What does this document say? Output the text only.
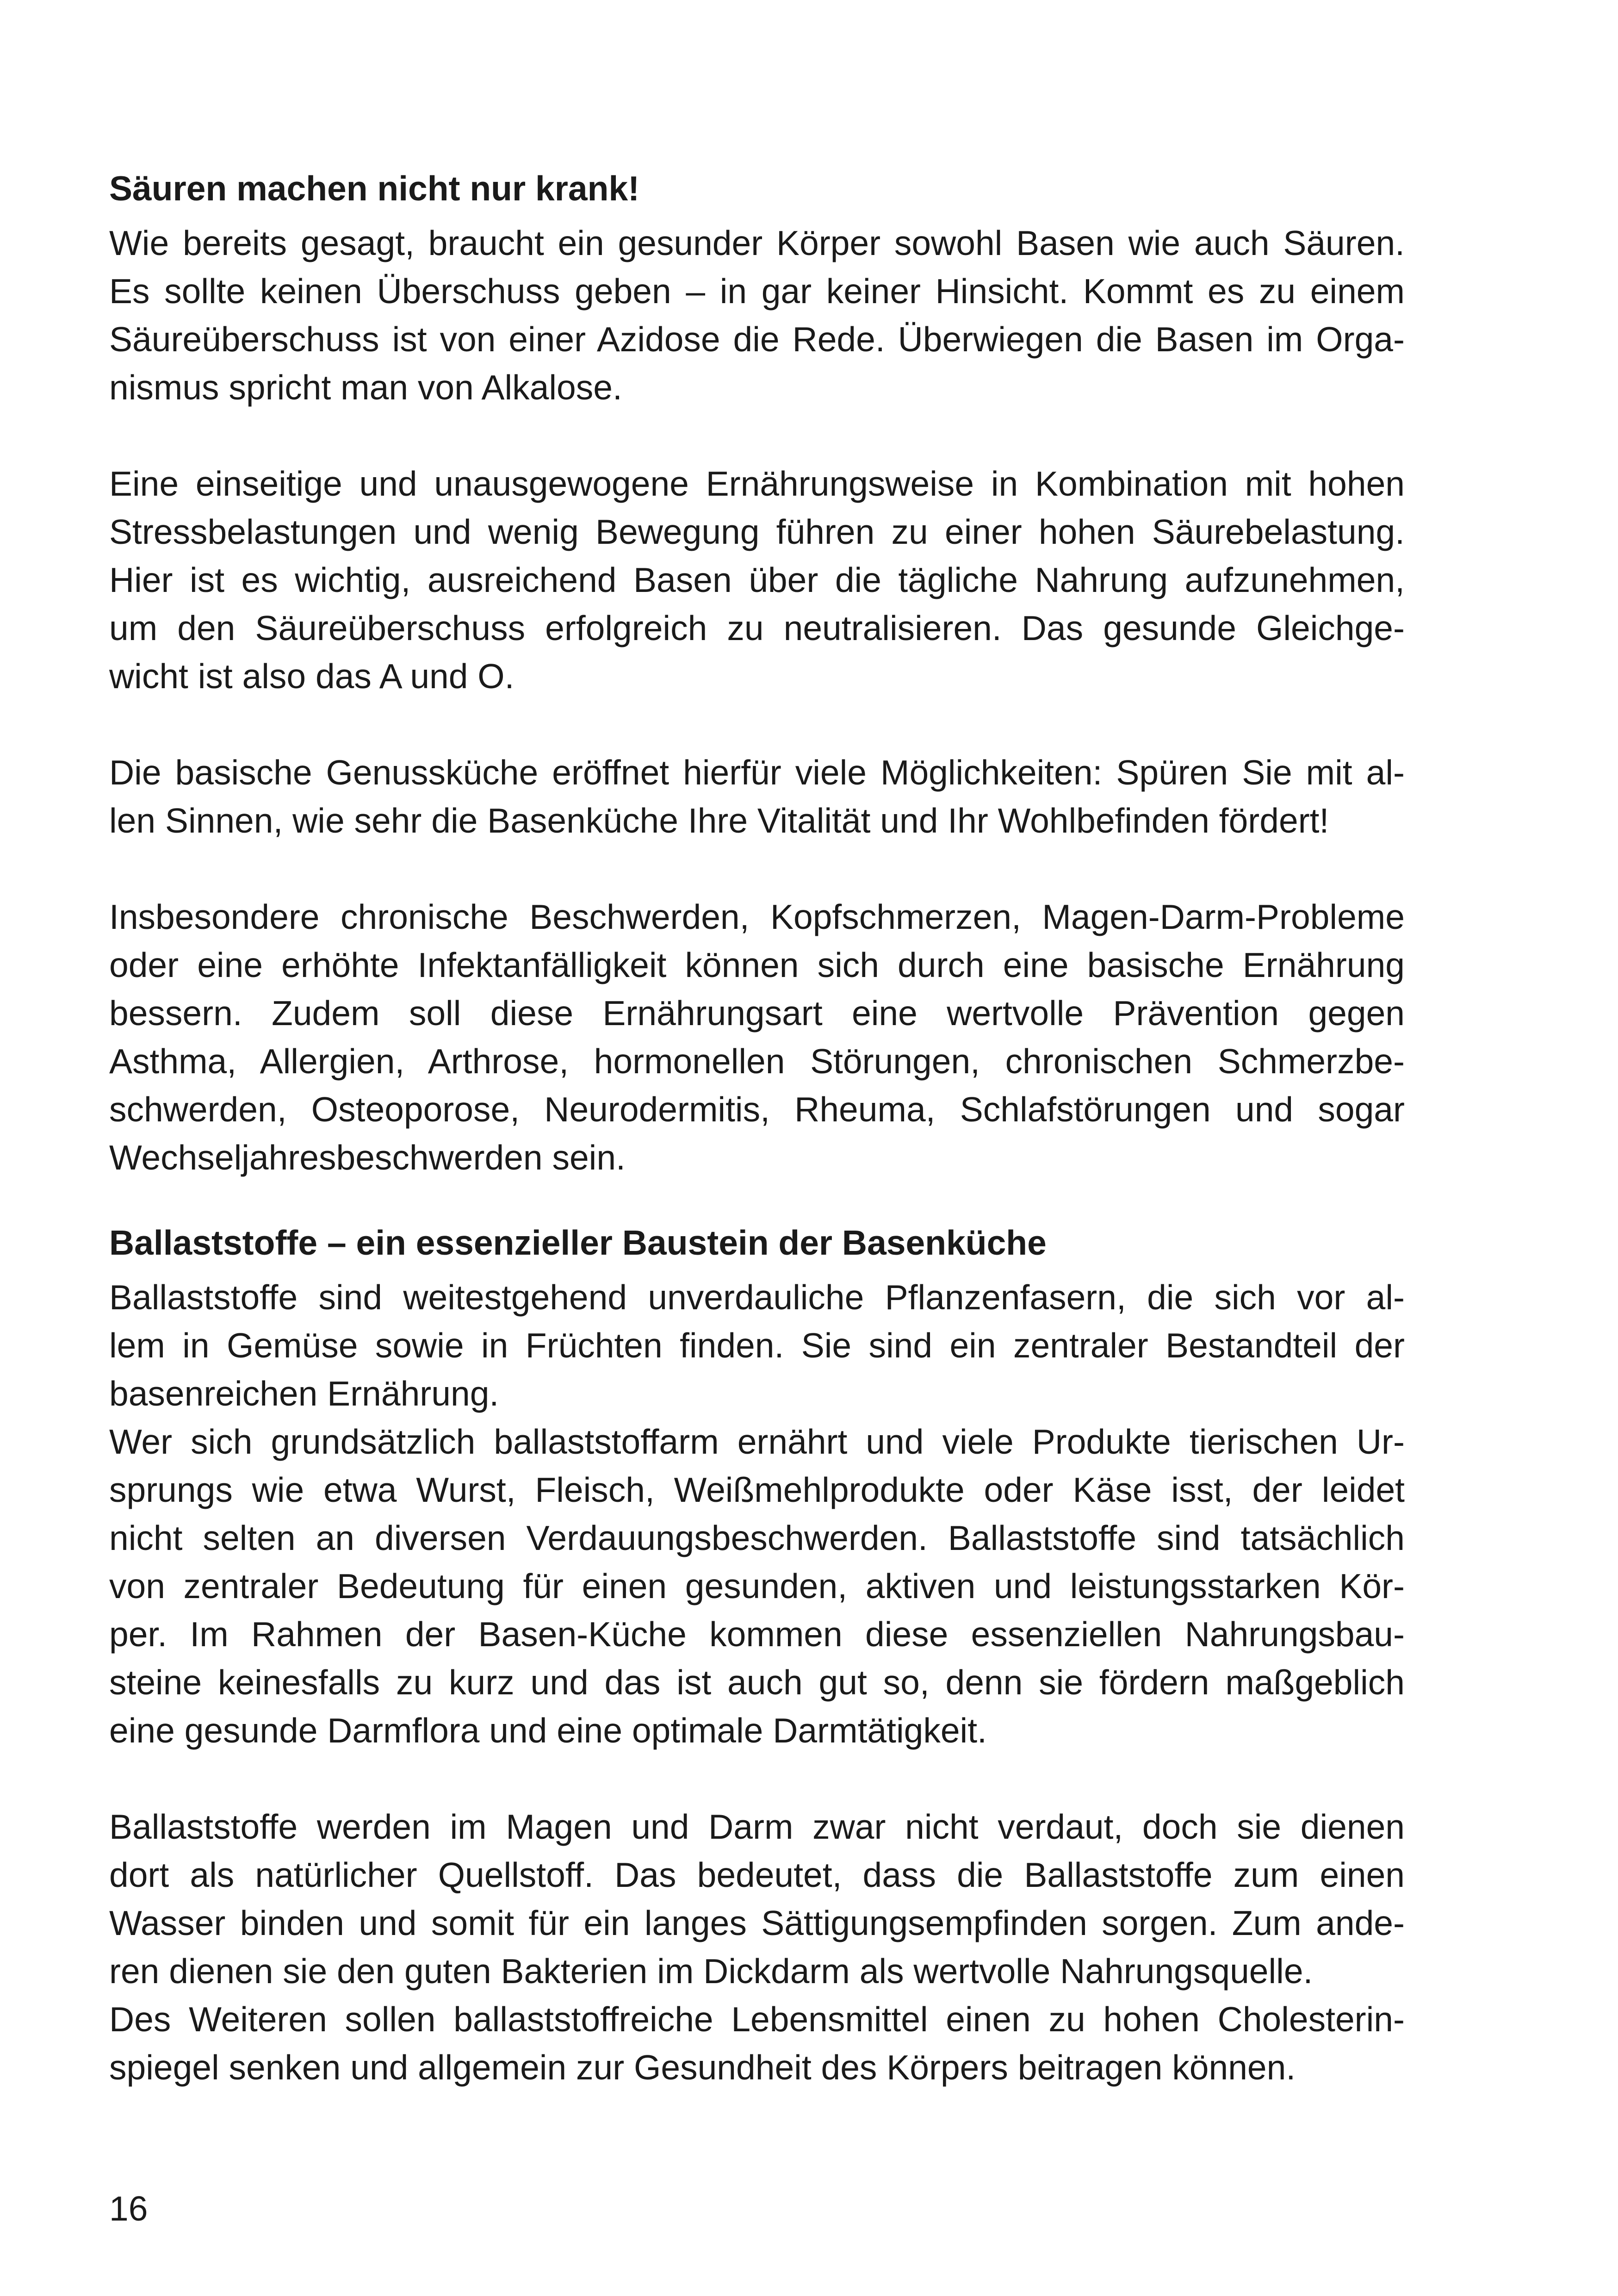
Säuren machen nicht nur krank!

Wie bereits gesagt, braucht ein gesunder Körper sowohl Basen wie auch Säuren.
Es sollte keinen Überschuss geben – in gar keiner Hinsicht. Kommt es zu einem
Säureüberschuss ist von einer Azidose die Rede. Überwiegen die Basen im Orga-
nismus spricht man von Alkalose.

Eine einseitige und unausgewogene Ernährungsweise in Kombination mit hohen
Stressbelastungen und wenig Bewegung führen zu einer hohen Säurebelastung.
Hier ist es wichtig, ausreichend Basen über die tägliche Nahrung aufzunehmen,
um den Säureüberschuss erfolgreich zu neutralisieren. Das gesunde Gleichge-
wicht ist also das A und O.

Die basische Genussküche eröffnet hierfür viele Möglichkeiten: Spüren Sie mit al-
len Sinnen, wie sehr die Basenküche Ihre Vitalität und Ihr Wohlbefinden fördert!

Insbesondere chronische Beschwerden, Kopfschmerzen, Magen-Darm-Probleme
oder eine erhöhte Infektanfälligkeit können sich durch eine basische Ernährung
bessern. Zudem soll diese Ernährungsart eine wertvolle Prävention gegen
Asthma, Allergien, Arthrose, hormonellen Störungen, chronischen Schmerzbe-
schwerden, Osteoporose, Neurodermitis, Rheuma, Schlafstörungen und sogar
Wechseljahresbeschwerden sein.

Ballaststoffe – ein essenzieller Baustein der Basenküche

Ballaststoffe sind weitestgehend unverdauliche Pflanzenfasern, die sich vor al-
lem in Gemüse sowie in Früchten finden. Sie sind ein zentraler Bestandteil der
basenreichen Ernährung.

Wer sich grundsätzlich ballaststoffarm ernährt und viele Produkte tierischen Ur-
sprungs wie etwa Wurst, Fleisch, Weißmehlprodukte oder Käse isst, der leidet
nicht selten an diversen Verdauungsbeschwerden. Ballaststoffe sind tatsächlich
von zentraler Bedeutung für einen gesunden, aktiven und leistungsstarken Kör-
per. Im Rahmen der Basen-Küche kommen diese essenziellen Nahrungsbau-
steine keinesfalls zu kurz und das ist auch gut so, denn sie fördern maßgeblich
eine gesunde Darmflora und eine optimale Darmtätigkeit.

Ballaststoffe werden im Magen und Darm zwar nicht verdaut, doch sie dienen
dort als natürlicher Quellstoff. Das bedeutet, dass die Ballaststoffe zum einen
Wasser binden und somit für ein langes Sättigungsempfinden sorgen. Zum ande-
ren dienen sie den guten Bakterien im Dickdarm als wertvolle Nahrungsquelle.
Des Weiteren sollen ballaststoffreiche Lebensmittel einen zu hohen Cholesterin-
spiegel senken und allgemein zur Gesundheit des Körpers beitragen können.

16
